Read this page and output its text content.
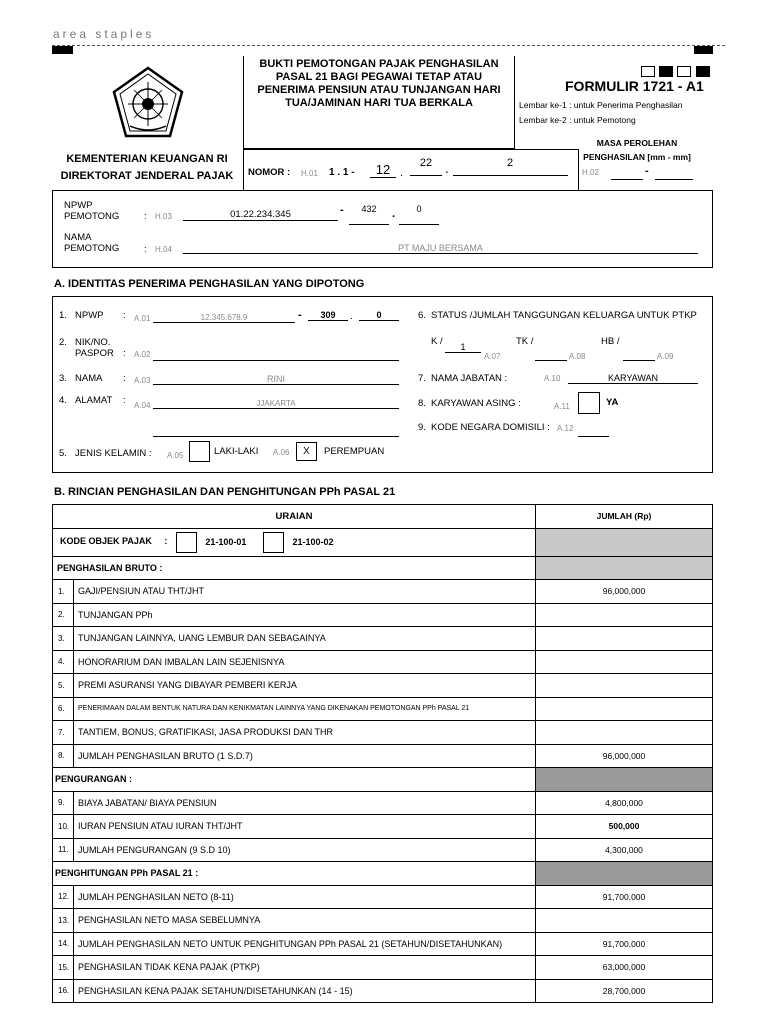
area staples
KEMENTERIAN KEUANGAN RI
DIREKTORAT JENDERAL PAJAK
BUKTI PEMOTONGAN PAJAK PENGHASILAN PASAL 21 BAGI PEGAWAI TETAP ATAU PENERIMA PENSIUN ATAU TUNJANGAN HARI TUA/JAMINAN HARI TUA BERKALA
FORMULIR 1721 - A1
Lembar ke-1 : untuk Penerima Penghasilan
Lembar ke-2 : untuk Pemotong
MASA PEROLEHAN PENGHASILAN [mm - mm]
H.02	-
NOMOR : H.01 1 . 1 -	12 .
22
-
2
NPWP PEMOTONG	: H.03	01.22.234.345	-	432	.	0
NAMA PEMOTONG	: H.04	PT MAJU BERSAMA
A. IDENTITAS PENERIMA PENGHASILAN YANG DIPOTONG
1. NPWP : A.01	12.345.678.9	-	309	.	0
2. NIK/NO. PASPOR : A.02
3. NAMA : A.03	RINI
4. ALAMAT : A.04	JJAKARTA
5. JENIS KELAMIN : A.05	LAKI-LAKI A.06	X	PEREMPUAN
6. STATUS /JUMLAH TANGGUNGAN KELUARGA UNTUK PTKP
K /	1
A.07
TK /
A.08
HB /
A.09
7. NAMA JABATAN :	A.10	KARYAWAN
8. KARYAWAN ASING :	A.11	YA
9. KODE NEGARA DOMISILI : A.12
B. RINCIAN PENGHASILAN DAN PENGHITUNGAN PPh PASAL 21
URAIAN		JUMLAH (Rp)
KODE OBJEK PAJAK : 21-100-01 21-100-02		
PENGHASILAN BRUTO :		
1.	GAJI/PENSIUN ATAU THT/JHT	96,000,000
2.	TUNJANGAN PPh	
3.	TUNJANGAN LAINNYA, UANG LEMBUR DAN SEBAGAINYA	
4.	HONORARIUM DAN IMBALAN LAIN SEJENISNYA	
5.	PREMI ASURANSI YANG DIBAYAR PEMBERI KERJA	
6.	PENERIMAAN DALAM BENTUK NATURA DAN KENIKMATAN LAINNYA YANG DIKENAKAN PEMOTONGAN PPh PASAL 21	
7.	TANTIEM, BONUS, GRATIFIKASI, JASA PRODUKSI DAN THR	
8.	JUMLAH PENGHASILAN BRUTO (1 S.D.7)	96,000,000
PENGURANGAN :		
9.	BIAYA JABATAN/ BIAYA PENSIUN	4,800,000
10.	IURAN PENSIUN ATAU IURAN THT/JHT	500,000
11.	JUMLAH PENGURANGAN (9 S.D 10)	4,300,000
PENGHITUNGAN PPh PASAL 21 :		
12.	JUMLAH PENGHASILAN NETO (8-11)	91,700,000
13.	PENGHASILAN NETO MASA SEBELUMNYA	
14.	JUMLAH PENGHASILAN NETO UNTUK PENGHITUNGAN PPh PASAL 21 (SETAHUN/DISETAHUNKAN)	91,700,000
15.	PENGHASILAN TIDAK KENA PAJAK (PTKP)	63,000,000
16.	PENGHASILAN KENA PAJAK SETAHUN/DISETAHUNKAN (14 - 15)	28,700,000
